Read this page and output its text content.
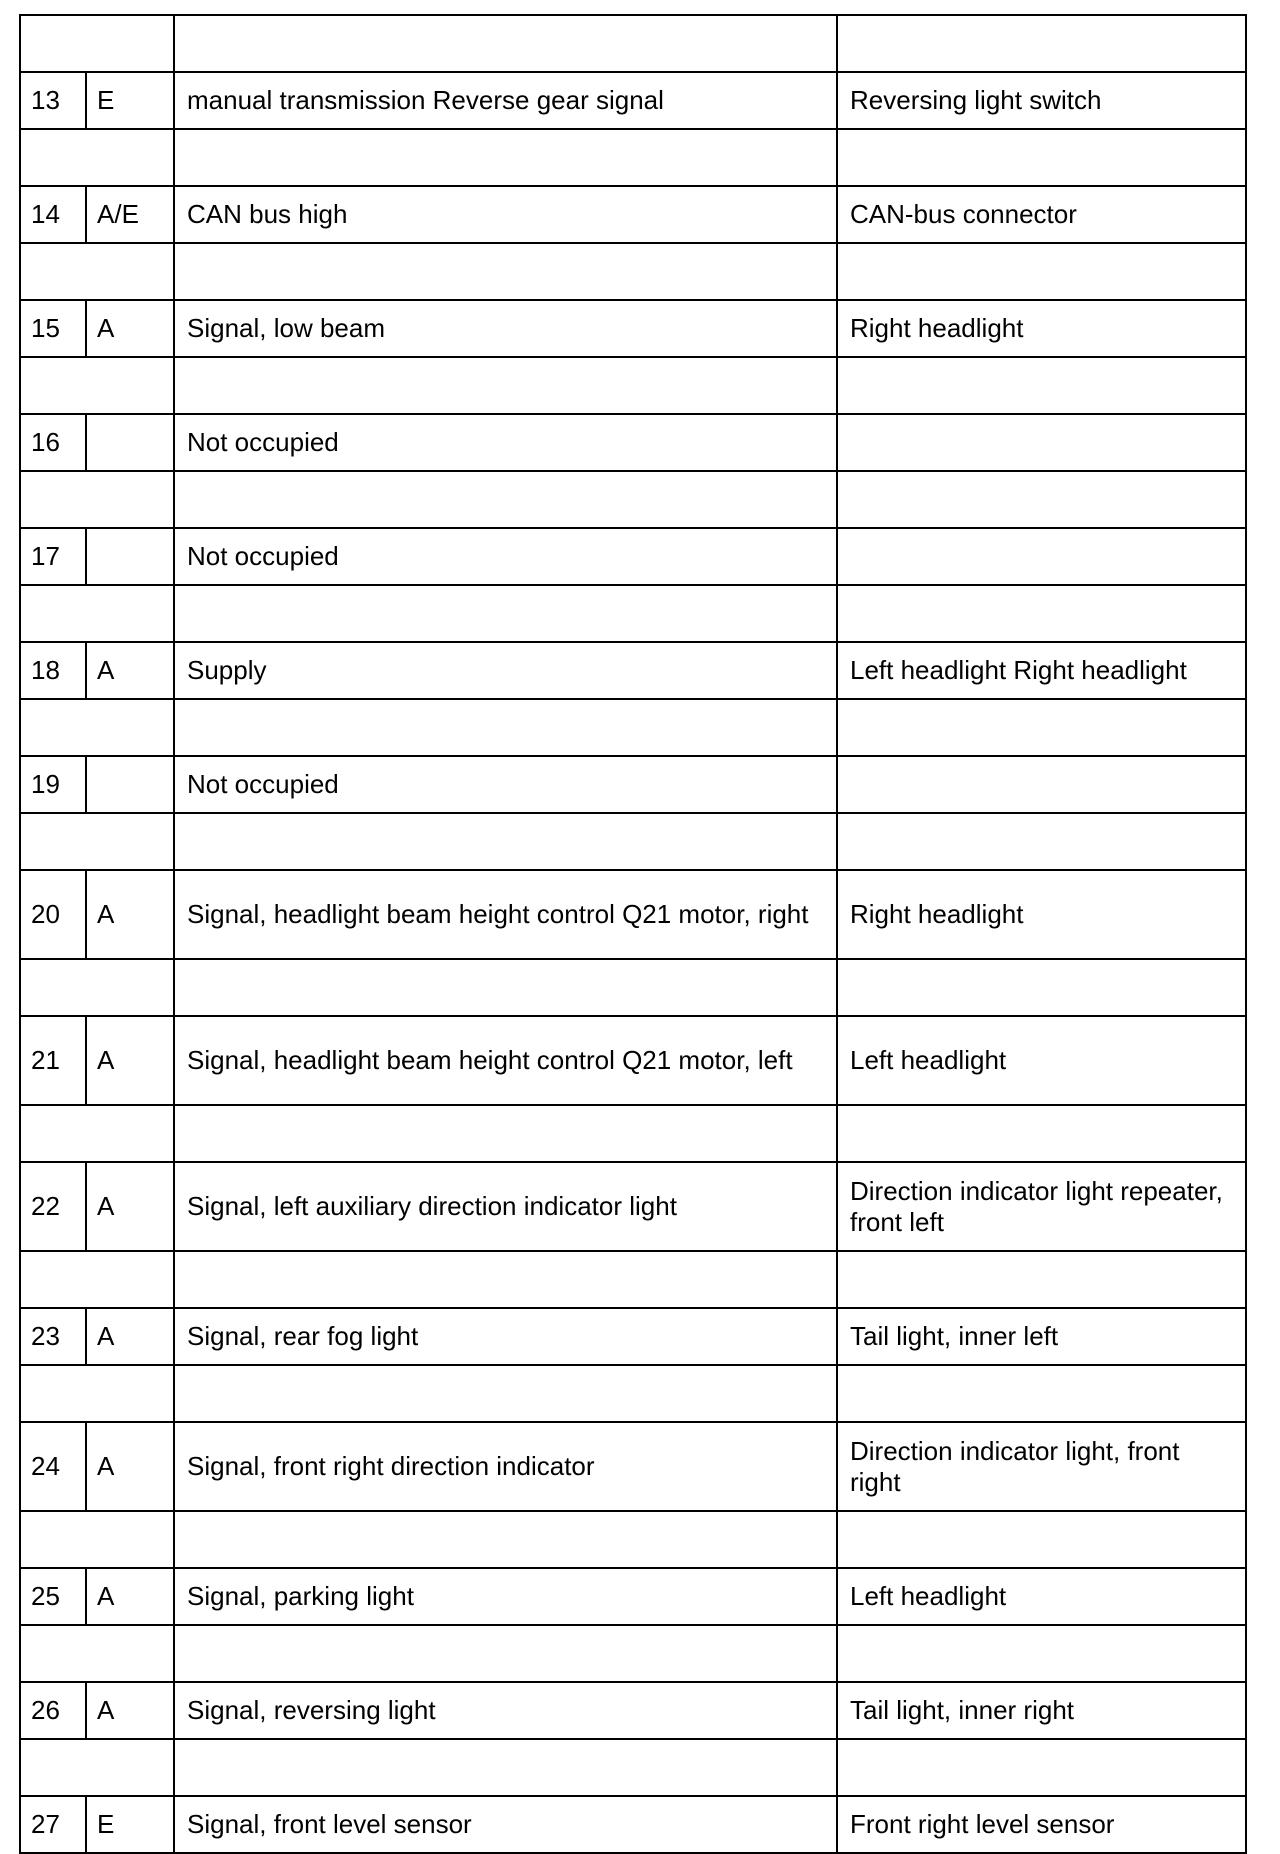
13	E	manual transmission Reverse gear signal	Reversing light switch

14	A/E	CAN bus high	CAN-bus connector

15	A	Signal, low beam	Right headlight

16		Not occupied	

17		Not occupied	

18	A	Supply	Left headlight Right headlight

19		Not occupied	

20	A	Signal, headlight beam height control Q21 motor, right	Right headlight

21	A	Signal, headlight beam height control Q21 motor, left	Left headlight

22	A	Signal, left auxiliary direction indicator light	Direction indicator light repeater, front left

23	A	Signal, rear fog light	Tail light, inner left

24	A	Signal, front right direction indicator	Direction indicator light, front right

25	A	Signal, parking light	Left headlight

26	A	Signal, reversing light	Tail light, inner right

27	E	Signal, front level sensor	Front right level sensor
